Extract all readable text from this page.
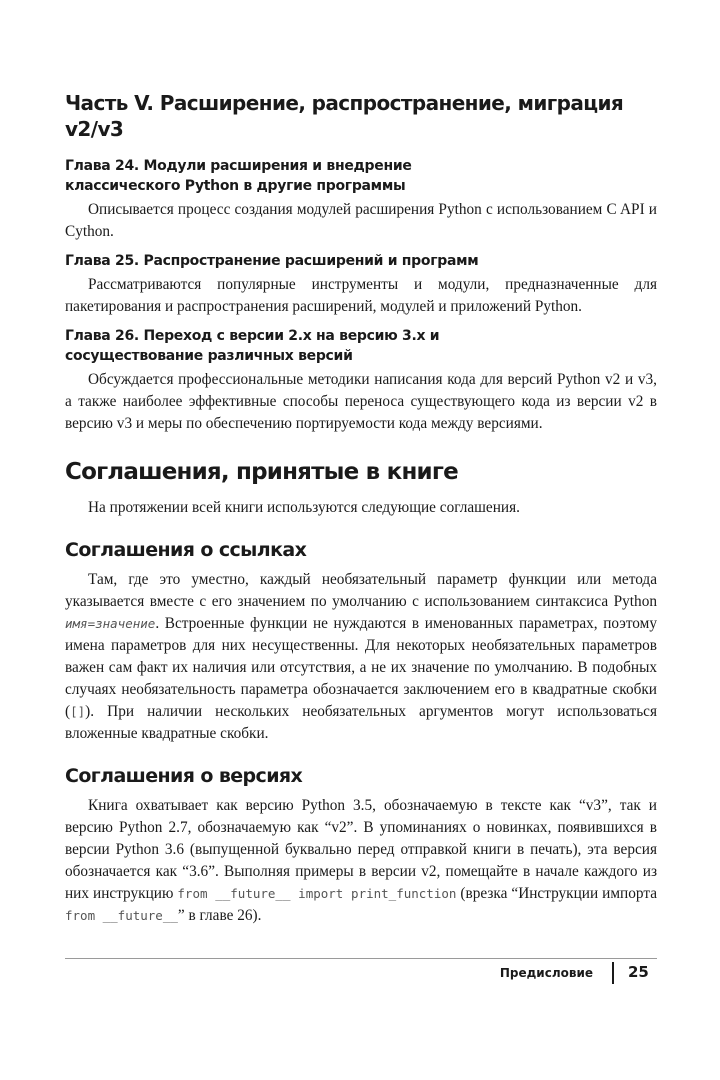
Часть V. Расширение, распространение, миграция v2/v3
Глава 24. Модули расширения и внедрение
классического Python в другие программы

Описывается процесс создания модулей расширения Python с использованием C API и Cython.

Глава 25. Распространение расширений и программ

Рассматриваются популярные инструменты и модули, предназначенные для пакетирования и распространения расширений, модулей и приложений Python.

Глава 26. Переход с версии 2.x на версию 3.x и
сосуществование различных версий

Обсуждается профессиональные методики написания кода для версий Python v2 и v3, а также наиболее эффективные способы переноса существующего кода из версии v2 в версию v3 и меры по обеспечению портируемости кода между версиями.

Соглашения, принятые в книге

На протяжении всей книги используются следующие соглашения.

Соглашения о ссылках

Там, где это уместно, каждый необязательный параметр функции или метода указывается вместе с его значением по умолчанию с использованием синтаксиса Python имя=значение. Встроенные функции не нуждаются в именованных параметрах, поэтому имена параметров для них несущественны. Для некоторых необязательных параметров важен сам факт их наличия или отсутствия, а не их значение по умолчанию. В подобных случаях необязательность параметра обозначается заключением его в квадратные скобки ([]). При наличии нескольких необязательных аргументов могут использоваться вложенные квадратные скобки.

Соглашения о версиях

Книга охватывает как версию Python 3.5, обозначаемую в тексте как “v3”, так и версию Python 2.7, обозначаемую как “v2”. В упоминаниях о новинках, появившихся в версии Python 3.6 (выпущенной буквально перед отправкой книги в печать), эта версия обозначается как “3.6”. Выполняя примеры в версии v2, помещайте в начале каждого из них инструкцию from __future__ import print_function (врезка “Инструкции импорта from __future__” в главе 26).

Предисловие 25
